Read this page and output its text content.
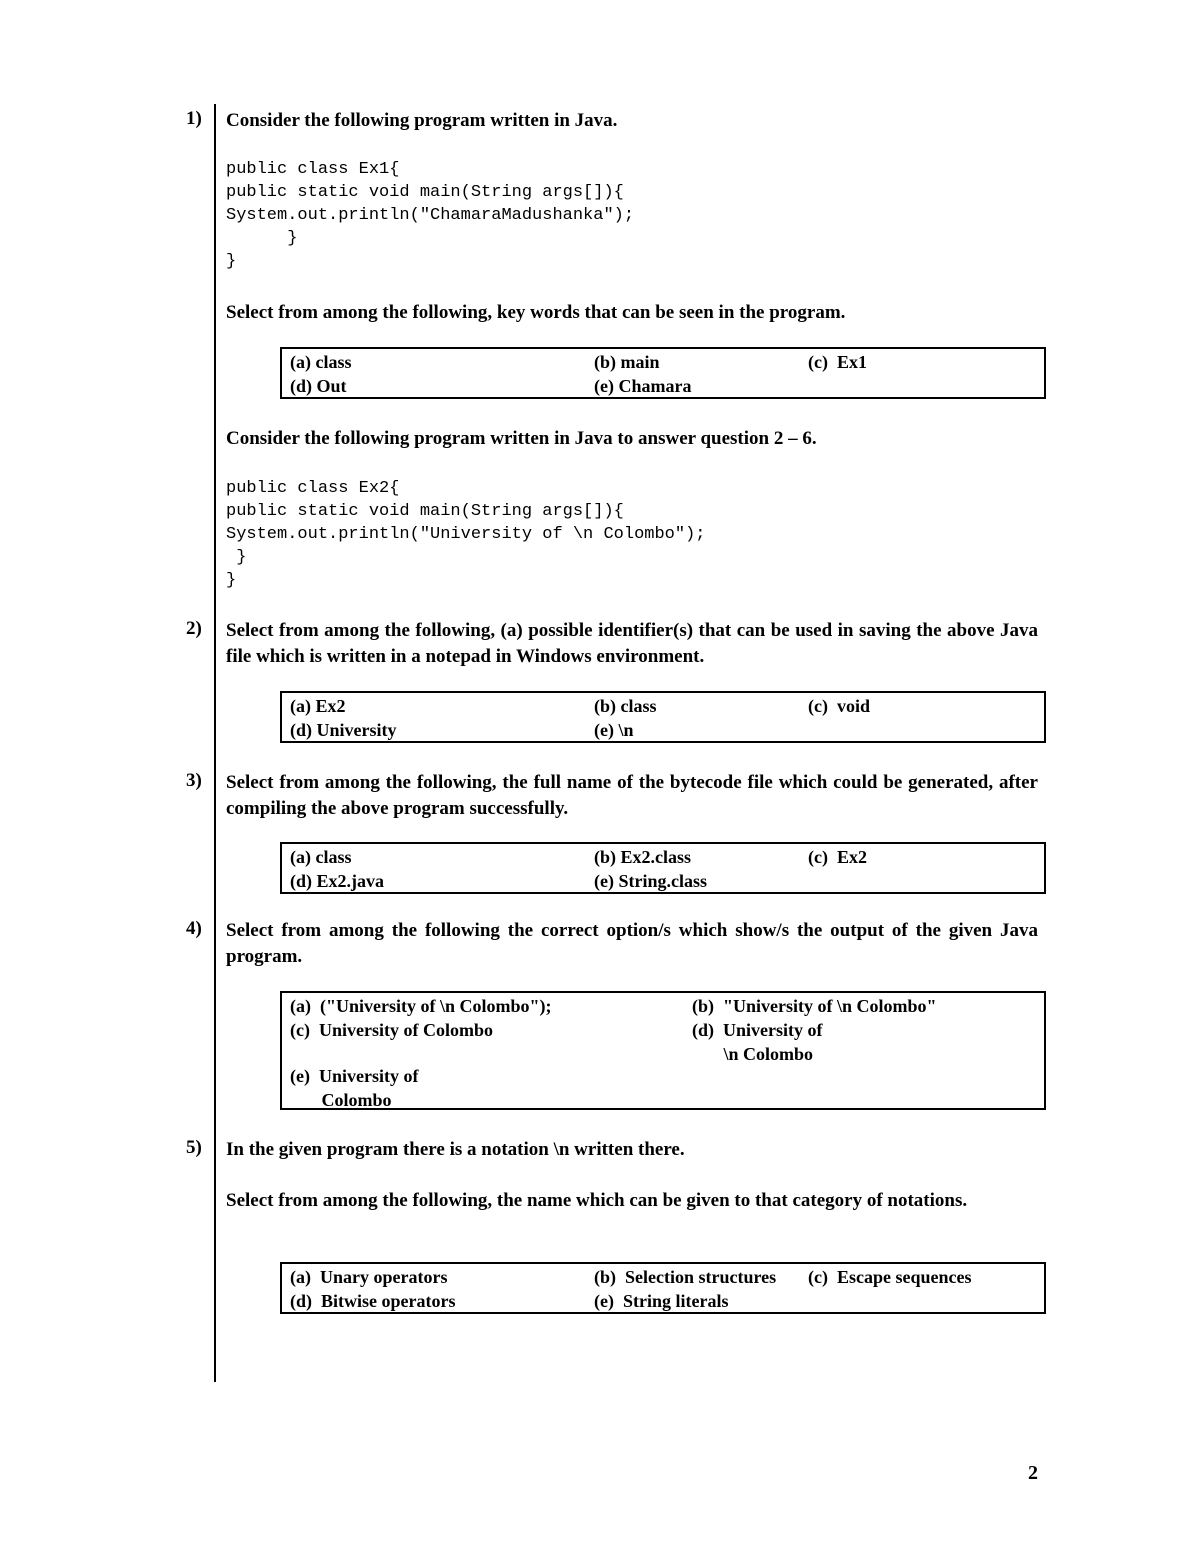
1) Consider the following program written in Java.
public class Ex1{
public static void main(String args[]){
System.out.println("ChamaraMadushanka");
}
}
Select from among the following, key words that can be seen in the program.
(a) class	(b) main	(c)  Ex1
(d) Out	(e) Chamara
Consider the following program written in Java to answer question 2 – 6.
public class Ex2{
public static void main(String args[]){
System.out.println("University of \n Colombo");
}
}
2) Select from among the following, (a) possible identifier(s) that can be used in saving the above Java file which is written in a notepad in Windows environment.
(a) Ex2	(b) class	(c)  void
(d) University	(e) \n
3) Select from among the following, the full name of the bytecode file which could be generated, after compiling the above program successfully.
(a) class	(b) Ex2.class	(c)  Ex2
(d) Ex2.java	(e) String.class
4) Select from among the following the correct option/s which show/s the output of the given Java program.
(a)  ("University of \n Colombo");	(b)  "University of \n Colombo"
(c)  University of Colombo	(d)  University of
\n Colombo
(e)  University of
Colombo
5) In the given program there is a notation \n written there.
Select from among the following, the name which can be given to that category of notations.
(a)  Unary operators	(b)  Selection structures (c)  Escape sequences
(d)  Bitwise operators	(e)  String literals
2
